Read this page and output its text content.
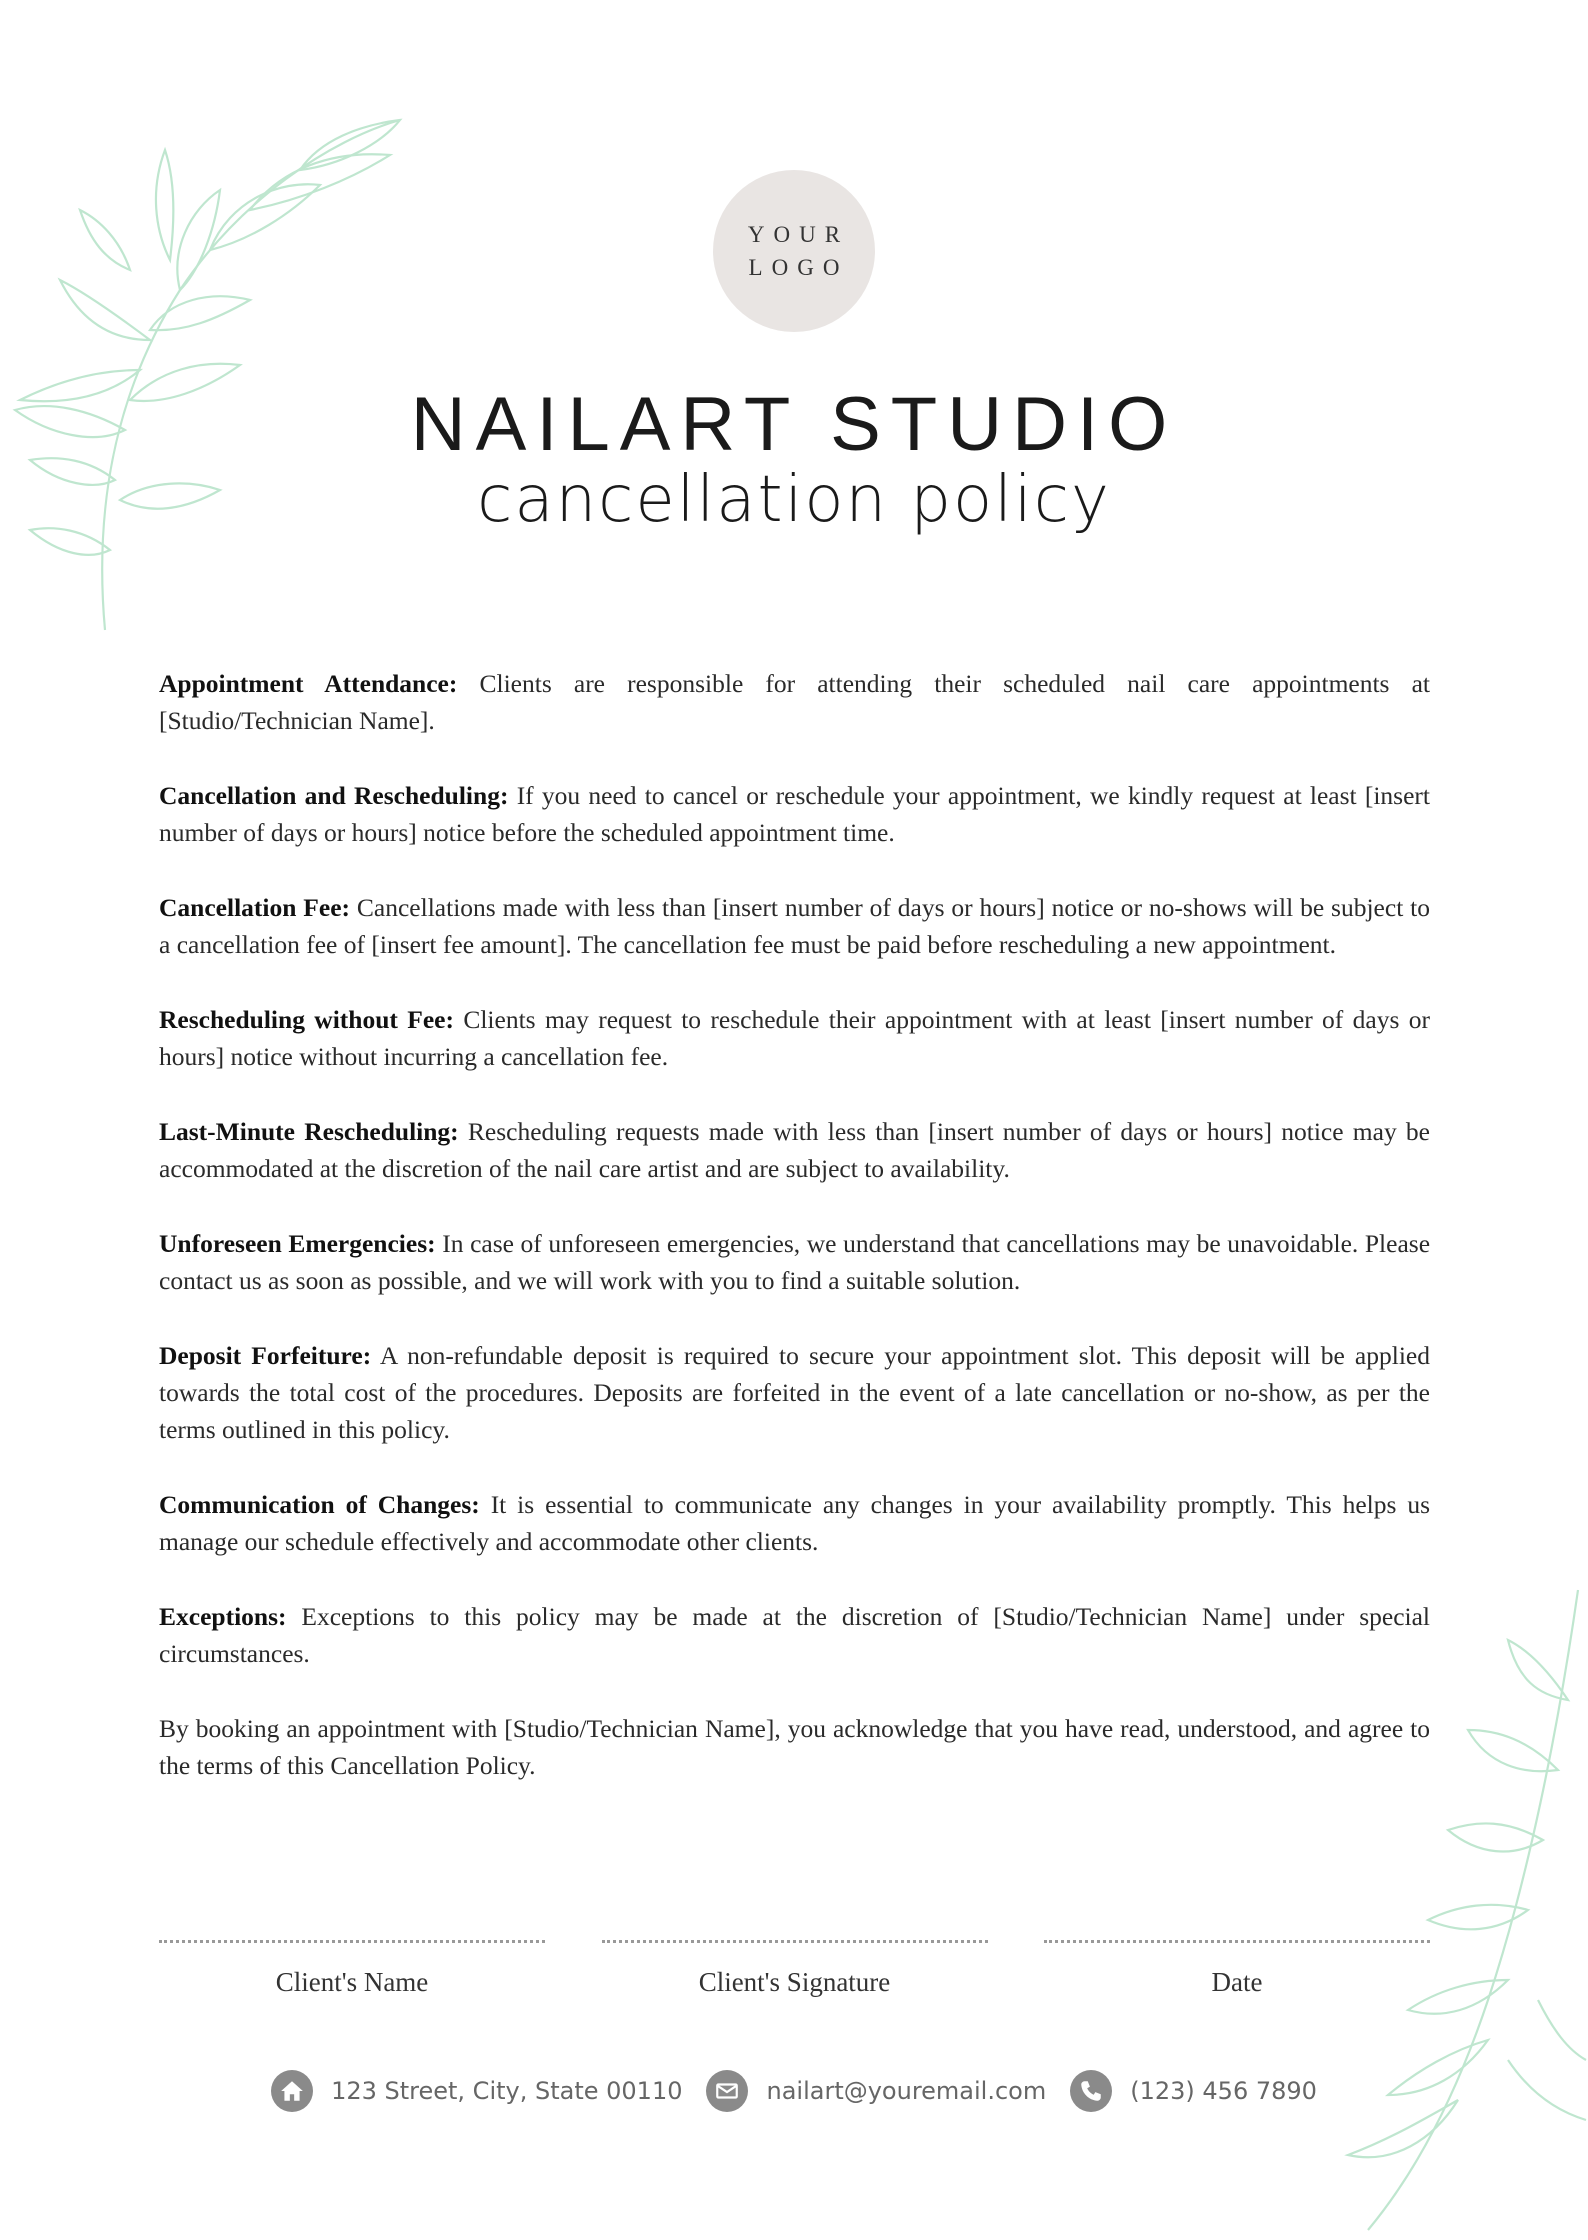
YOUR
LOGO
NAILART STUDIO
cancellation policy

Appointment Attendance: Clients are responsible for attending their scheduled nail care appointments at [Studio/Technician Name].

Cancellation and Rescheduling: If you need to cancel or reschedule your appointment, we kindly request at least [insert number of days or hours] notice before the scheduled appointment time.

Cancellation Fee: Cancellations made with less than [insert number of days or hours] notice or no-shows will be subject to a cancellation fee of [insert fee amount]. The cancellation fee must be paid before rescheduling a new appointment.

Rescheduling without Fee: Clients may request to reschedule their appointment with at least [insert number of days or hours] notice without incurring a cancellation fee.

Last-Minute Rescheduling: Rescheduling requests made with less than [insert number of days or hours] notice may be accommodated at the discretion of the nail care artist and are subject to availability.

Unforeseen Emergencies: In case of unforeseen emergencies, we understand that cancellations may be unavoidable. Please contact us as soon as possible, and we will work with you to find a suitable solution.

Deposit Forfeiture: A non-refundable deposit is required to secure your appointment slot. This deposit will be applied towards the total cost of the procedures. Deposits are forfeited in the event of a late cancellation or no-show, as per the terms outlined in this policy.

Communication of Changes: It is essential to communicate any changes in your availability promptly. This helps us manage our schedule effectively and accommodate other clients.

Exceptions: Exceptions to this policy may be made at the discretion of [Studio/Technician Name] under special circumstances.

By booking an appointment with [Studio/Technician Name], you acknowledge that you have read, understood, and agree to the terms of this Cancellation Policy.

Client's Name	Client's Signature	Date
123 Street, City, State 00110	nailart@youremail.com	(123) 456 7890
